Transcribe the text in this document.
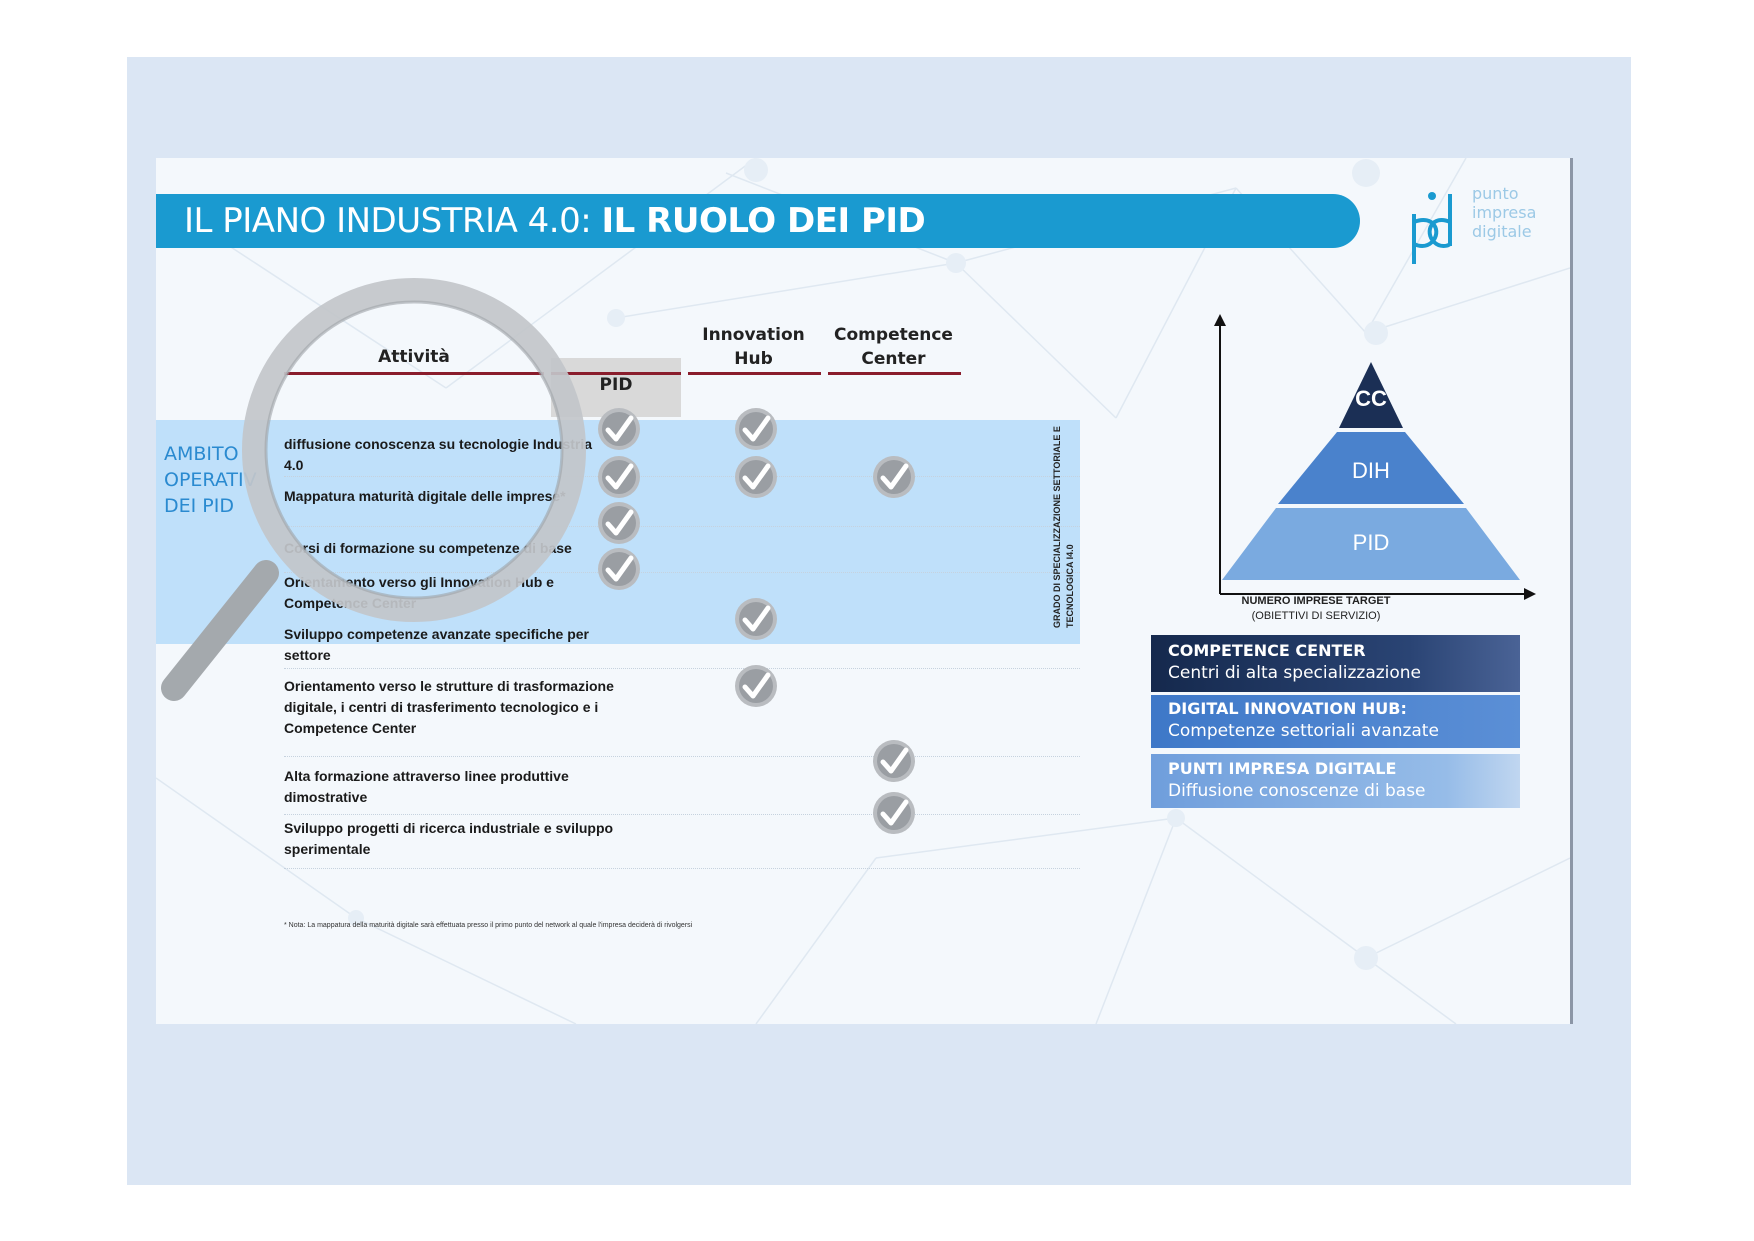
IL PIANO INDUSTRIA 4.0: IL RUOLO DEI PID
punto
impresa
digitale
Attività
PID
Innovation
Hub
Competence
Center
AMBITO
OPERATIV
DEI PID
diffusione conoscenza su tecnologie Industria 4.0
Mappatura maturità digitale delle imprese*
Corsi di formazione su competenze di base
Orientamento verso gli Innovation Hub e Competence Center
Sviluppo competenze avanzate specifiche per settore
Orientamento verso le strutture di trasformazione digitale, i centri di trasferimento tecnologico e i Competence Center
Alta formazione attraverso linee produttive dimostrative
Sviluppo progetti di ricerca industriale e sviluppo sperimentale
* Nota: La mappatura della maturità digitale sarà effettuata presso il primo punto del network al quale l'impresa deciderà di rivolgersi
CC
DIH
PID
GRADO DI SPECIALIZZAZIONE SETTORIALE E TECNOLOGICA I4.0	NUMERO IMPRESE TARGET
(OBIETTIVI DI SERVIZIO)
COMPETENCE CENTER
Centri di alta specializzazione
DIGITAL INNOVATION HUB:
Competenze settoriali avanzate
PUNTI IMPRESA DIGITALE
Diffusione conoscenze di base
